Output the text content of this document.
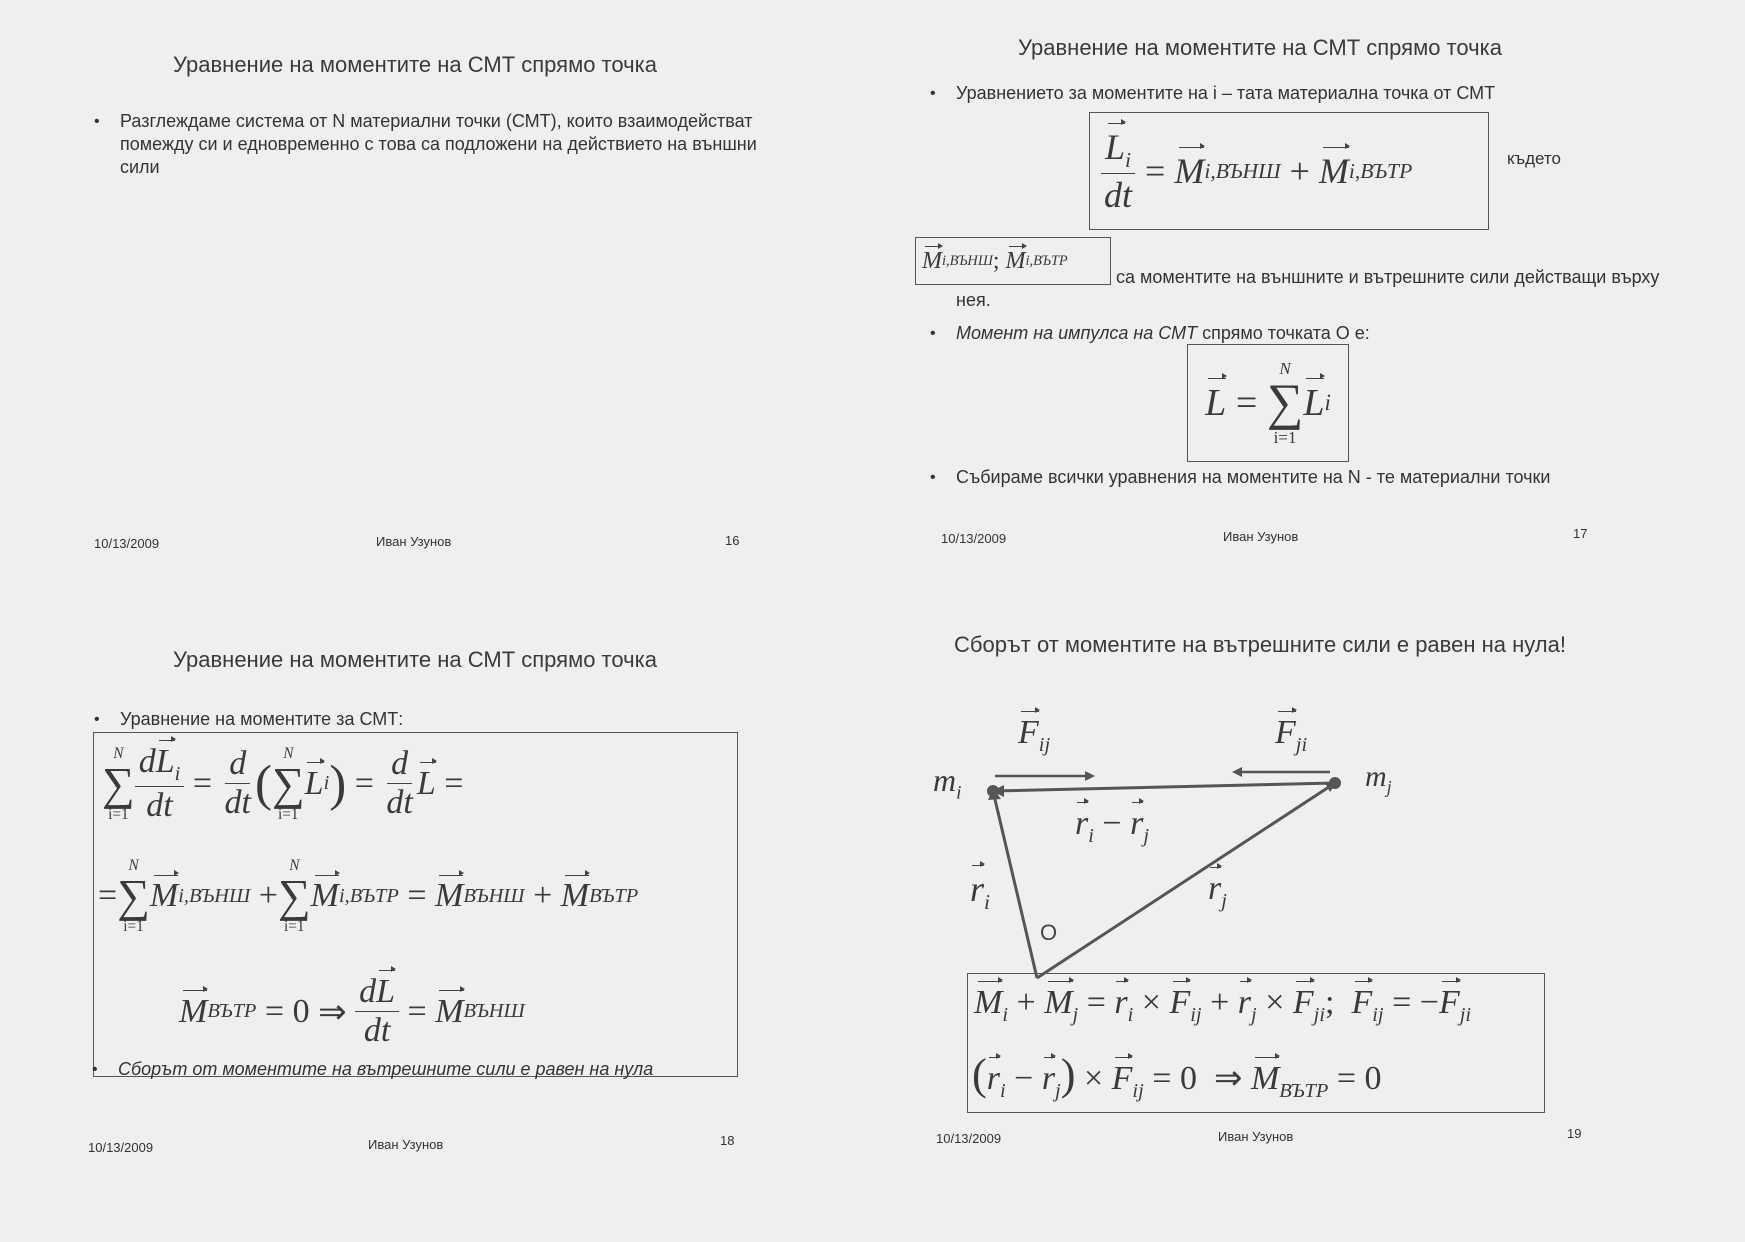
Уравнение на моментите на СМТ спрямо точка
• Разглеждаме система от N материални точки (СМТ), които взаимодействат помежду си и едновременно с това са подложени на действието на външни сили
10/13/2009	Иван Узунов	16
Уравнение на моментите на СМТ спрямо точка
• Уравнението за моментите на i – тата материална точка от СМТ
$\frac{L_i}{dt} = M$ i,ВЪНШ + M i,ВЪТР	където
M i,ВЪНШ ; M i,ВЪТР
са моментите на външните и вътрешните сили действащи върху нея.
• Момент на импулса на СМТ спрямо точката О е:
L =
N
∑
i=1
L i
• Събираме всички уравнения на моментите на N - те материални точки
10/13/2009	Иван Узунов	17
Уравнение на моментите на СМТ спрямо точка
• Уравнение на моментите за СМТ:
N
∑
$i=1 \frac{dL_i}{dt} = \frac{d}{dt}$ (
N
∑
i=1
L i ) = $\frac{d}{dt}$ L =
=
N
∑
i=1
M i,ВЪНШ +
N
∑
i=1
M i,ВЪТР = M ВЪНШ + M ВЪТР
M ВЪТР = 0 ⇒ $\frac{dL}{dt} = M$ ВЪНШ
• Сборът от моментите на вътрешните сили е равен на нула
10/13/2009	Иван Узунов	18
Сборът от моментите на вътрешните сили е равен на нула!
$m_i$	$m_j$
$F_{ij}$	$F_{ji}$
$r_i - r_j$
$r_i$	$r_j$
O
$M_i + M_j = r_i \times F_{ij} + r_j \times F_{ji}$;  $F_{ij} = -F_{ji}$
$(r_i - r_j) \times F_{ij} = 0$  ⇒ $M_{ВЪТР} = 0$
10/13/2009	Иван Узунов	19
